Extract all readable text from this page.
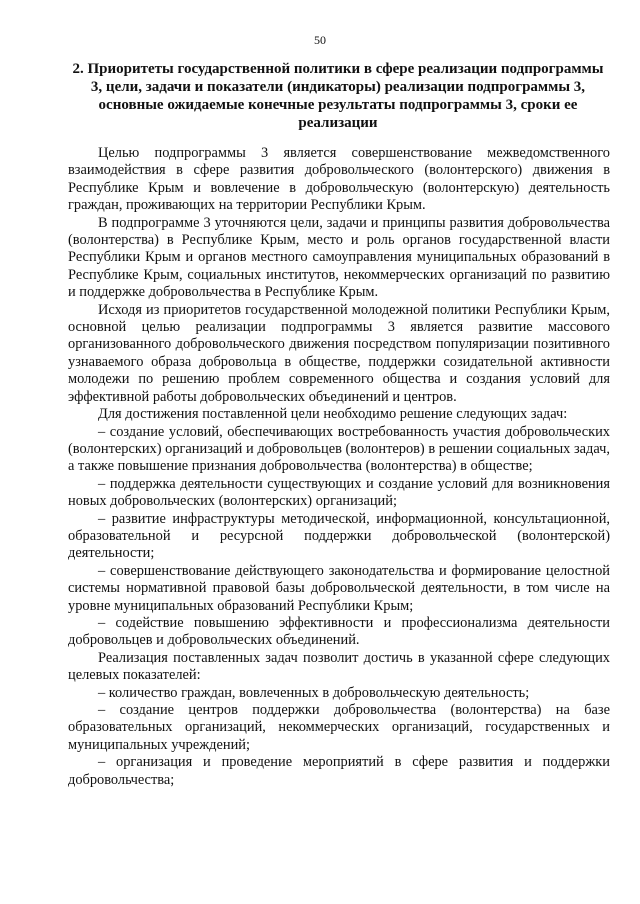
50
2. Приоритеты государственной политики в сфере реализации подпрограммы 3, цели, задачи и показатели (индикаторы) реализации подпрограммы 3, основные ожидаемые конечные результаты подпрограммы 3, сроки ее реализации

Целью подпрограммы 3 является совершенствование межведомственного взаимодействия в сфере развития добровольческого (волонтерского) движения в Республике Крым и вовлечение в добровольческую (волонтерскую) деятельность граждан, проживающих на территории Республики Крым.

В подпрограмме 3 уточняются цели, задачи и принципы развития добровольчества (волонтерства) в Республике Крым, место и роль органов государственной власти Республики Крым и органов местного самоуправления муниципальных образований в Республике Крым, социальных институтов, некоммерческих организаций по развитию и поддержке добровольчества в Республике Крым.

Исходя из приоритетов государственной молодежной политики Республики Крым, основной целью реализации подпрограммы 3 является развитие массового организованного добровольческого движения посредством популяризации позитивного узнаваемого образа добровольца в обществе, поддержки созидательной активности молодежи по решению проблем современного общества и создания условий для эффективной работы добровольческих объединений и центров.

Для достижения поставленной цели необходимо решение следующих задач:

– создание условий, обеспечивающих востребованность участия добровольческих (волонтерских) организаций и добровольцев (волонтеров) в решении социальных задач, а также повышение признания добровольчества (волонтерства) в обществе;

– поддержка деятельности существующих и создание условий для возникновения новых добровольческих (волонтерских) организаций;

– развитие инфраструктуры методической, информационной, консультационной, образовательной и ресурсной поддержки добровольческой (волонтерской) деятельности;

– совершенствование действующего законодательства и формирование целостной системы нормативной правовой базы добровольческой деятельности, в том числе на уровне муниципальных образований Республики Крым;

– содействие повышению эффективности и профессионализма деятельности добровольцев и добровольческих объединений.

Реализация поставленных задач позволит достичь в указанной сфере следующих целевых показателей:

– количество граждан, вовлеченных в добровольческую деятельность;

– создание центров поддержки добровольчества (волонтерства) на базе образовательных организаций, некоммерческих организаций, государственных и муниципальных учреждений;

– организация и проведение мероприятий в сфере развития и поддержки добровольчества;
